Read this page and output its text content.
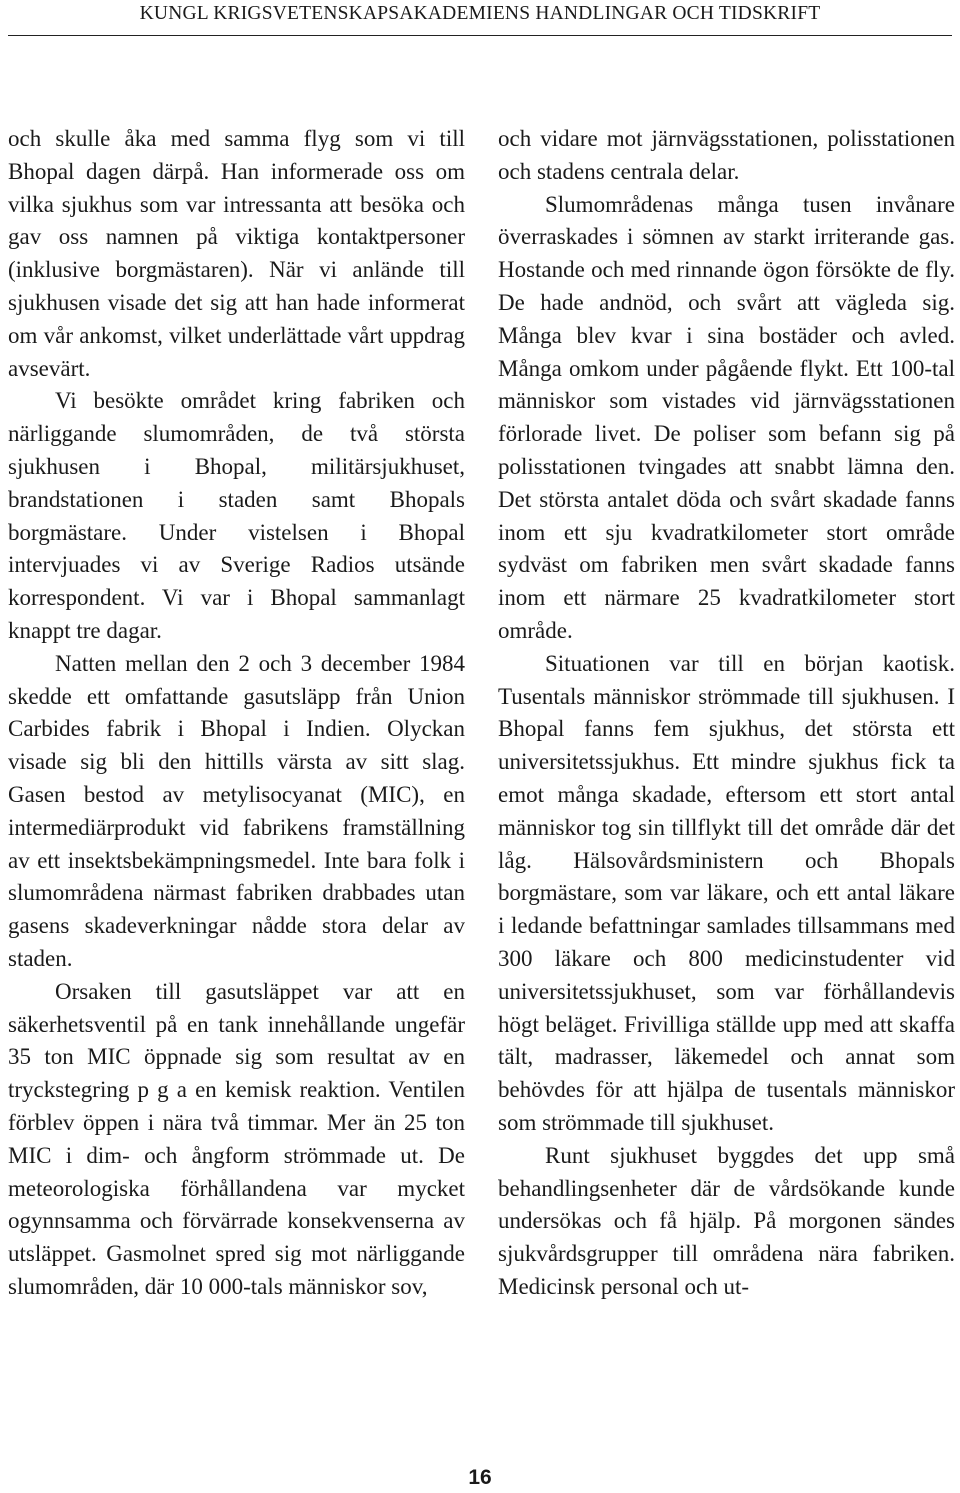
KUNGL KRIGSVETENSKAPSAKADEMIENS HANDLINGAR OCH TIDSKRIFT

och skulle åka med samma flyg som vi till Bhopal dagen därpå. Han informerade oss om vilka sjukhus som var intressanta att besöka och gav oss namnen på viktiga kontaktpersoner (inklusive borgmästaren). När vi anlände till sjukhusen visade det sig att han hade informerat om vår ankomst, vilket underlättade vårt uppdrag avsevärt.

Vi besökte området kring fabriken och närliggande slumområden, de två största sjukhusen i Bhopal, militärsjukhuset, brandstationen i staden samt Bhopals borgmästare. Under vistelsen i Bhopal intervjuades vi av Sverige Radios utsände korrespondent. Vi var i Bhopal sammanlagt knappt tre dagar.

Natten mellan den 2 och 3 december 1984 skedde ett omfattande gasutsläpp från Union Carbides fabrik i Bhopal i Indien. Olyckan visade sig bli den hittills värsta av sitt slag. Gasen bestod av metylisocyanat (MIC), en intermediärprodukt vid fabrikens framställning av ett insektsbekämpningsmedel. Inte bara folk i slumområdena närmast fabriken drabbades utan gasens skadeverkningar nådde stora delar av staden.

Orsaken till gasutsläppet var att en säkerhetsventil på en tank innehållande ungefär 35 ton MIC öppnade sig som resultat av en tryckstegring p g a en kemisk reaktion. Ventilen förblev öppen i nära två timmar. Mer än 25 ton MIC i dim- och ångform strömmade ut. De meteorologiska förhållandena var mycket ogynnsamma och förvärrade konsekvenserna av utsläppet. Gasmolnet spred sig mot närliggande slumområden, där 10 000-tals människor sov,

och vidare mot järnvägsstationen, polisstationen och stadens centrala delar.

Slumområdenas många tusen invånare överraskades i sömnen av starkt irriterande gas. Hostande och med rinnande ögon försökte de fly. De hade andnöd, och svårt att vägleda sig. Många blev kvar i sina bostäder och avled. Många omkom under pågående flykt. Ett 100-tal människor som vistades vid järnvägsstationen förlorade livet. De poliser som befann sig på polisstationen tvingades att snabbt lämna den. Det största antalet döda och svårt skadade fanns inom ett sju kvadratkilometer stort område sydväst om fabriken men svårt skadade fanns inom ett närmare 25 kvadratkilometer stort område.

Situationen var till en början kaotisk. Tusentals människor strömmade till sjukhusen. I Bhopal fanns fem sjukhus, det största ett universitetssjukhus. Ett mindre sjukhus fick ta emot många skadade, eftersom ett stort antal människor tog sin tillflykt till det område där det låg. Hälsovårdsministern och Bhopals borgmästare, som var läkare, och ett antal läkare i ledande befattningar samlades tillsammans med 300 läkare och 800 medicinstudenter vid universitetssjukhuset, som var förhållandevis högt beläget. Frivilliga ställde upp med att skaffa tält, madrasser, läkemedel och annat som behövdes för att hjälpa de tusentals människor som strömmade till sjukhuset.

Runt sjukhuset byggdes det upp små behandlingsenheter där de vårdsökande kunde undersökas och få hjälp. På morgonen sändes sjukvårdsgrupper till områdena nära fabriken. Medicinsk personal och ut-

16
